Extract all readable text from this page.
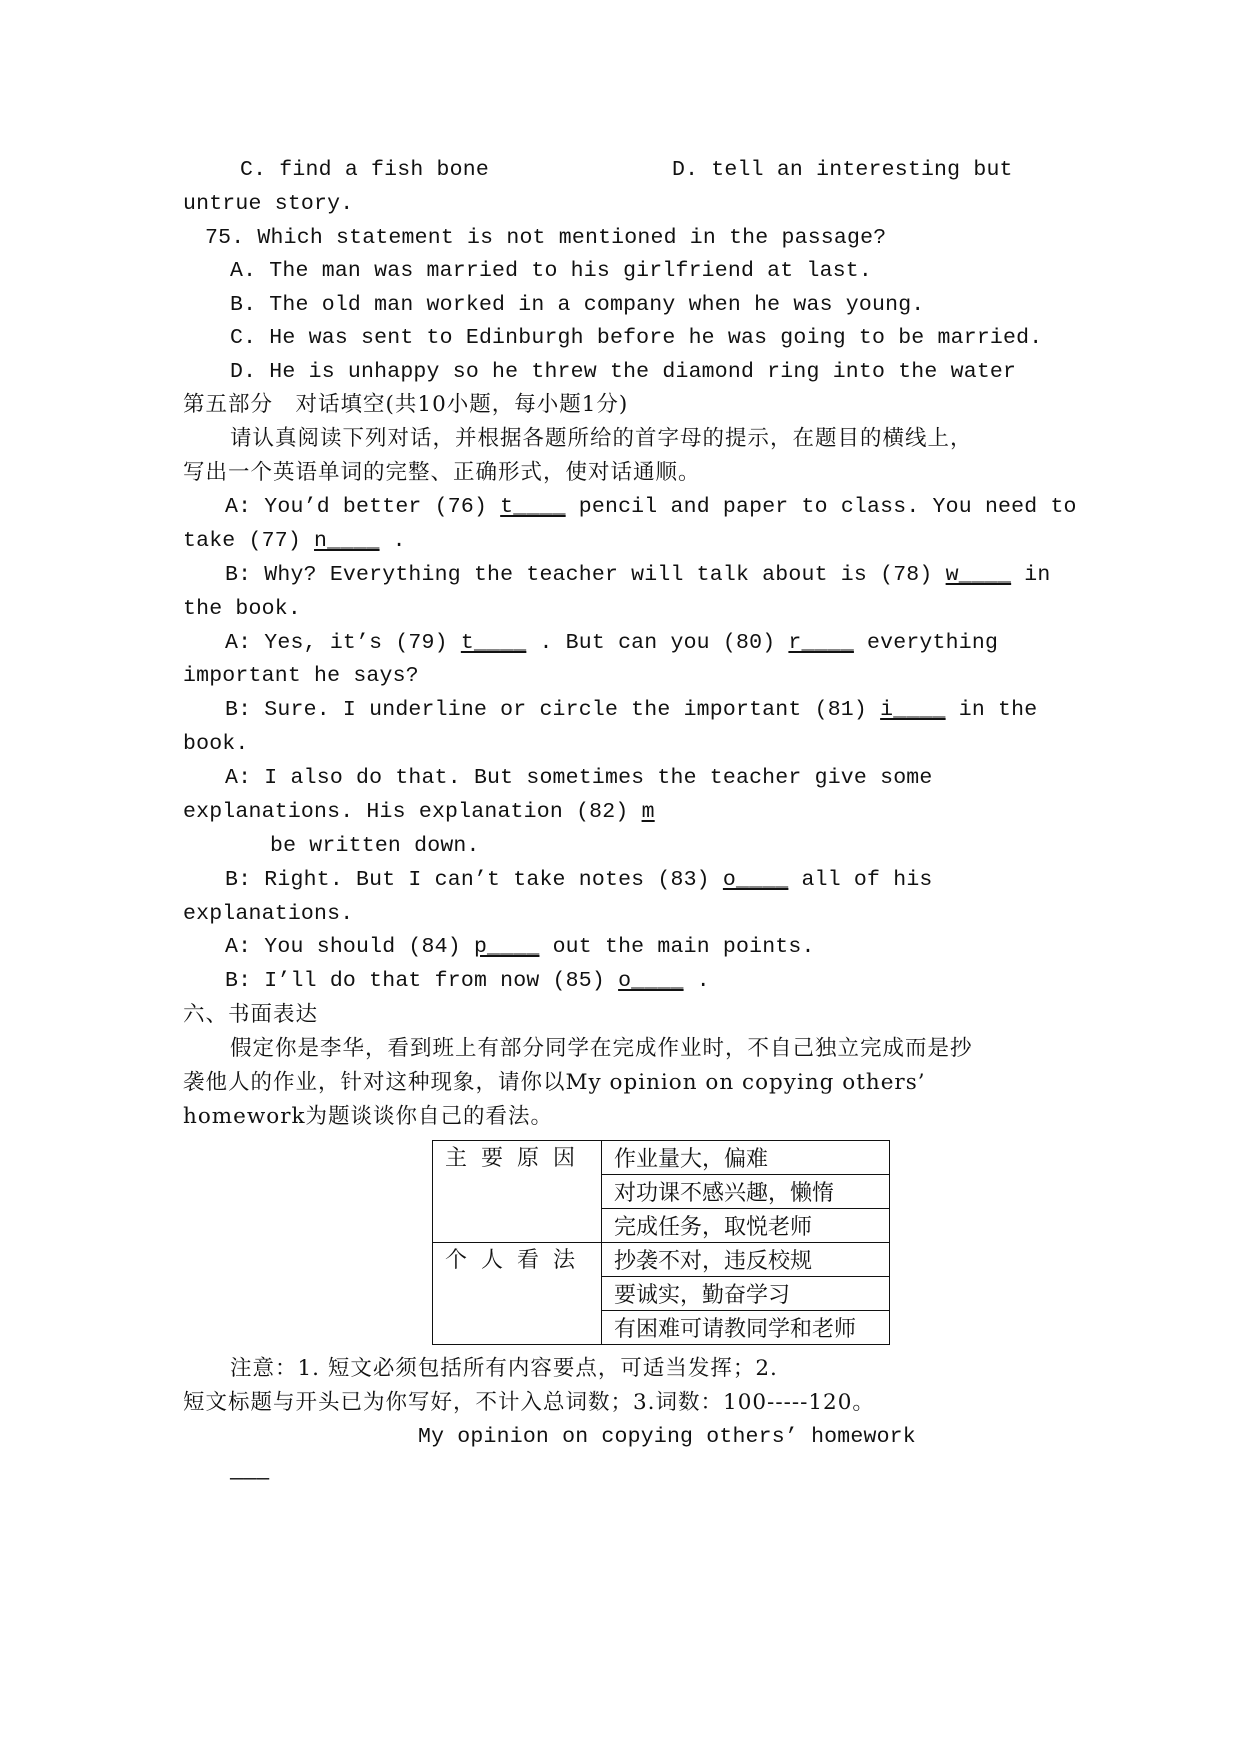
C. find a fish bone	D. tell an interesting but
untrue story.
75. Which statement is not mentioned in the passage?
A. The man was married to his girlfriend at last.
B. The old man worked in a company when he was young.
C. He was sent to Edinburgh before he was going to be married.
D. He is unhappy so he threw the diamond ring into the water
第五部分　对话填空(共10小题，每小题1分)
请认真阅读下列对话，并根据各题所给的首字母的提示，在题目的横线上，
写出一个英语单词的完整、正确形式，使对话通顺。
A: You’d better (76) t____ pencil and paper to class. You need to
take (77) n____ .
B: Why? Everything the teacher will talk about is (78) w____ in
the book.
A: Yes, it’s (79) t____ . But can you (80) r____ everything
important he says?
B: Sure. I underline or circle the important (81) i____ in the
book.
A: I also do that. But sometimes the teacher give some
explanations. His explanation (82) m
be written down.
B: Right. But I can’t take notes (83) o____ all of his
explanations.
A: You should (84) p____ out the main points.
B: I’ll do that from now (85) o____ .
六、书面表达
假定你是李华，看到班上有部分同学在完成作业时，不自己独立完成而是抄
袭他人的作业，针对这种现象，请你以My opinion on copying others’
homework为题谈谈你自己的看法。
主要原因	作业量大，偏难
	对功课不感兴趣，懒惰
	完成任务，取悦老师
个人看法	抄袭不对，违反校规
	要诚实，勤奋学习
	有困难可请教同学和老师
注意：1. 短文必须包括所有内容要点，可适当发挥；2.
短文标题与开头已为你写好，不计入总词数；3.词数：100-----120。
My opinion on copying others’ homework
———
